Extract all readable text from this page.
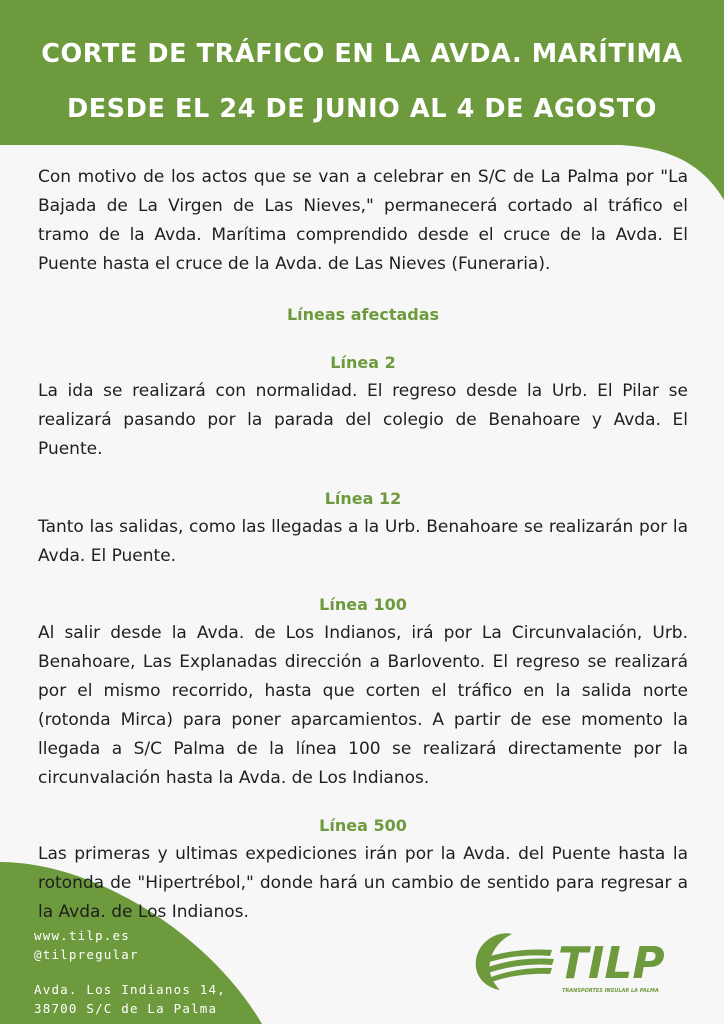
CORTE DE TRÁFICO EN LA AVDA. MARÍTIMA
DESDE EL 24 DE JUNIO AL 4 DE AGOSTO

Con motivo de los actos que se van a celebrar en S/C de La Palma por "La Bajada de La Virgen de Las Nieves," permanecerá cortado al tráfico el tramo de la Avda. Marítima comprendido desde el cruce de la Avda. El Puente hasta el cruce de la Avda. de Las Nieves (Funeraria).

Líneas afectadas
Línea 2

La ida se realizará con normalidad. El regreso desde la Urb. El Pilar se realizará pasando por la parada del colegio de Benahoare y Avda. El Puente.

Línea 12

Tanto las salidas, como las llegadas a la Urb. Benahoare se realizarán por la Avda. El Puente.

Línea 100

Al salir desde la Avda. de Los Indianos, irá por La Circunvalación, Urb. Benahoare, Las Explanadas dirección a Barlovento. El regreso se realizará por el mismo recorrido, hasta que corten el tráfico en la salida norte (rotonda Mirca) para poner aparcamientos. A partir de ese momento la llegada a S/C Palma de la línea 100 se realizará directamente por la circunvalación hasta la Avda. de Los Indianos.

Línea 500

Las primeras y ultimas expediciones irán por la Avda. del Puente hasta la rotonda de "Hipertrébol," donde hará un cambio de sentido para regresar a la Avda. de Los Indianos.

www.tilp.es
@tilpregular
Avda. Los Indianos 14,
38700 S/C de La Palma
TILP
TRANSPORTES INSULAR LA PALMA
